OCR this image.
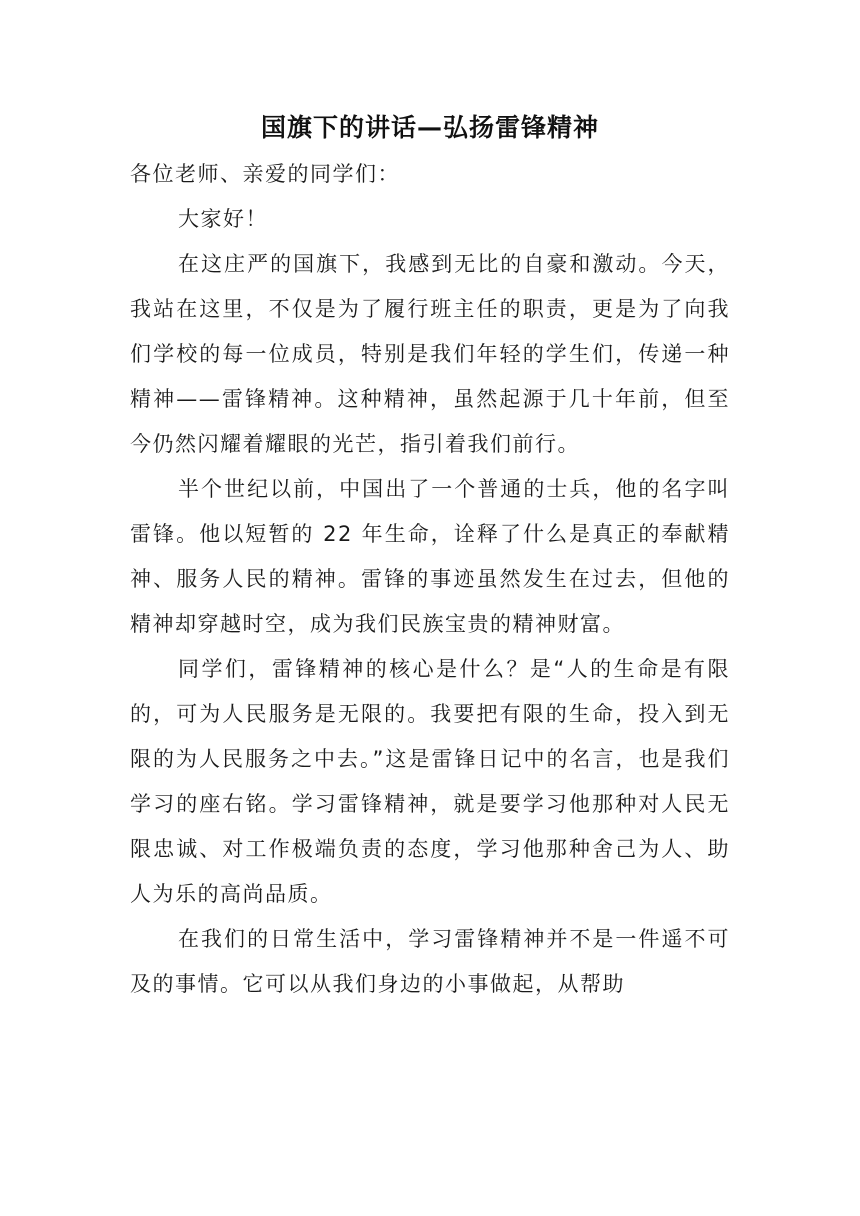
国旗下的讲话—弘扬雷锋精神

各位老师、亲爱的同学们：

大家好！

在这庄严的国旗下，我感到无比的自豪和激动。今天，我站在这里，不仅是为了履行班主任的职责，更是为了向我们学校的每一位成员，特别是我们年轻的学生们，传递一种精神——雷锋精神。这种精神，虽然起源于几十年前，但至今仍然闪耀着耀眼的光芒，指引着我们前行。

半个世纪以前，中国出了一个普通的士兵，他的名字叫雷锋。他以短暂的 22 年生命，诠释了什么是真正的奉献精神、服务人民的精神。雷锋的事迹虽然发生在过去，但他的精神却穿越时空，成为我们民族宝贵的精神财富。

同学们，雷锋精神的核心是什么？是“人的生命是有限的，可为人民服务是无限的。我要把有限的生命，投入到无限的为人民服务之中去。”这是雷锋日记中的名言，也是我们学习的座右铭。学习雷锋精神，就是要学习他那种对人民无限忠诚、对工作极端负责的态度，学习他那种舍己为人、助人为乐的高尚品质。

在我们的日常生活中，学习雷锋精神并不是一件遥不可及的事情。它可以从我们身边的小事做起，从帮助
